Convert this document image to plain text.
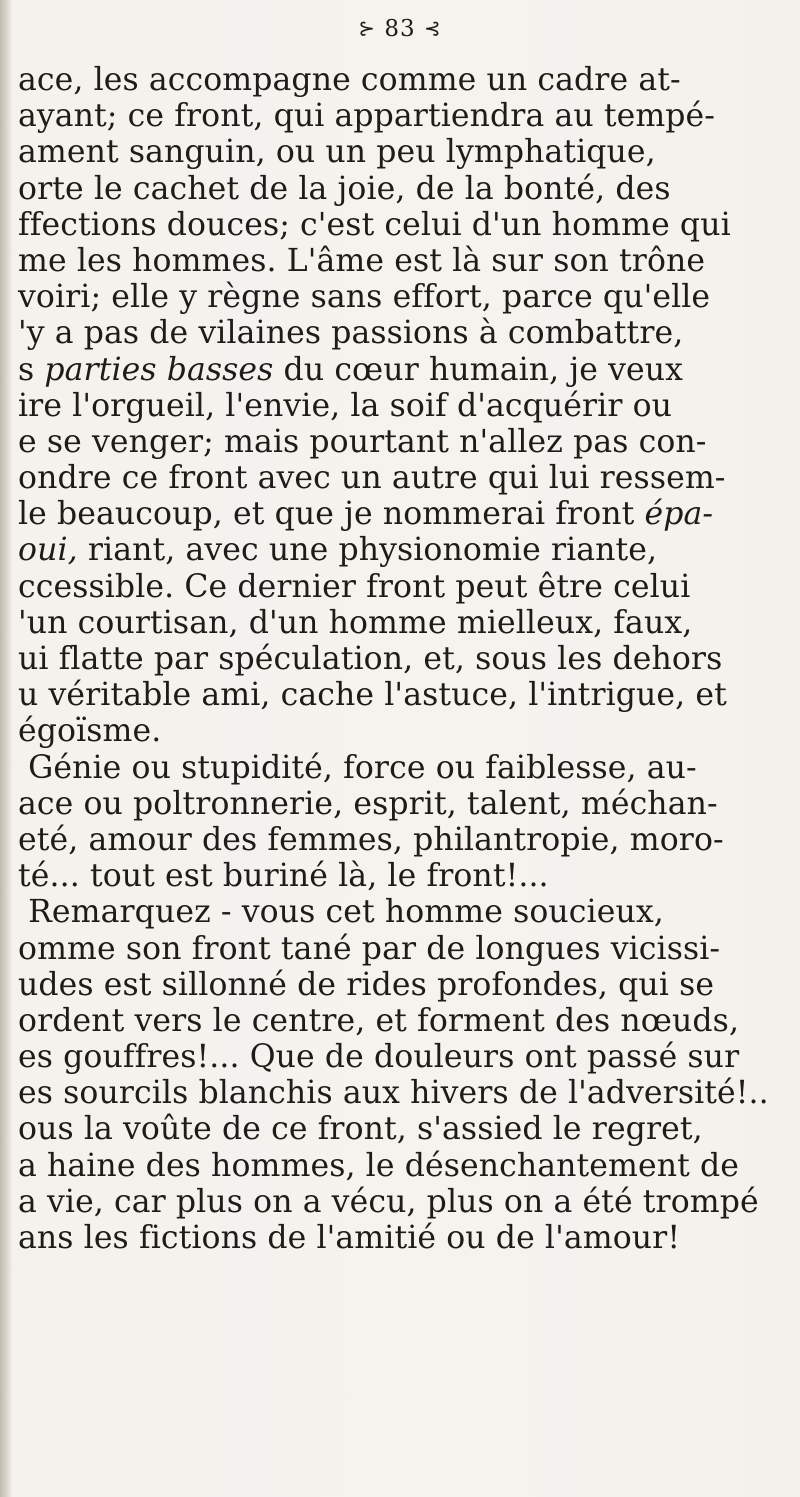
⊱ 83 ⊰
ace, les accompagne comme un cadre at-
ayant; ce front, qui appartiendra au tempé-
ament sanguin, ou un peu lymphatique,
orte le cachet de la joie, de la bonté, des
ffections douces; c'est celui d'un homme qui
me les hommes. L'âme est là sur son trône
voiri; elle y règne sans effort, parce qu'elle
'y a pas de vilaines passions à combattre,
s parties basses du cœur humain, je veux
ire l'orgueil, l'envie, la soif d'acquérir ou
e se venger; mais pourtant n'allez pas con-
ondre ce front avec un autre qui lui ressem-
le beaucoup, et que je nommerai front épa-
oui, riant, avec une physionomie riante,
ccessible. Ce dernier front peut être celui
'un courtisan, d'un homme mielleux, faux,
ui flatte par spéculation, et, sous les dehors
u véritable ami, cache l'astuce, l'intrigue, et
égoïsme.
Génie ou stupidité, force ou faiblesse, au-
ace ou poltronnerie, esprit, talent, méchan-
eté, amour des femmes, philantropie, moro-
té... tout est buriné là, le front!...
Remarquez - vous cet homme soucieux,
omme son front tané par de longues vicissi-
udes est sillonné de rides profondes, qui se
ordent vers le centre, et forment des nœuds,
es gouffres!... Que de douleurs ont passé sur
es sourcils blanchis aux hivers de l'adversité!..
ous la voûte de ce front, s'assied le regret,
a haine des hommes, le désenchantement de
a vie, car plus on a vécu, plus on a été trompé
ans les fictions de l'amitié ou de l'amour!
